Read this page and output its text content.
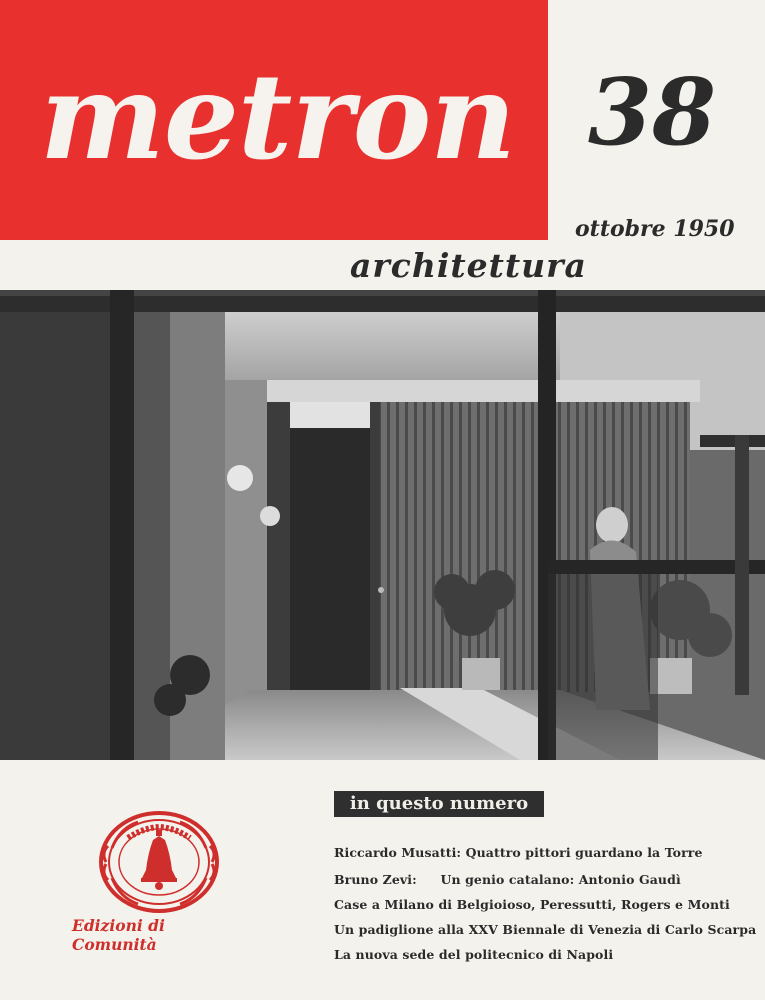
metron 38
ottobre 1950
architettura
in questo numero
Riccardo Musatti: Quattro pittori guardano la Torre
Bruno Zevi: Un genio catalano: Antonio Gaudì
Case a Milano di Belgioioso, Peressutti, Rogers e Monti
Un padiglione alla XXV Biennale di Venezia di Carlo Scarpa
La nuova sede del politecnico di Napoli
Edizioni di Comunità
